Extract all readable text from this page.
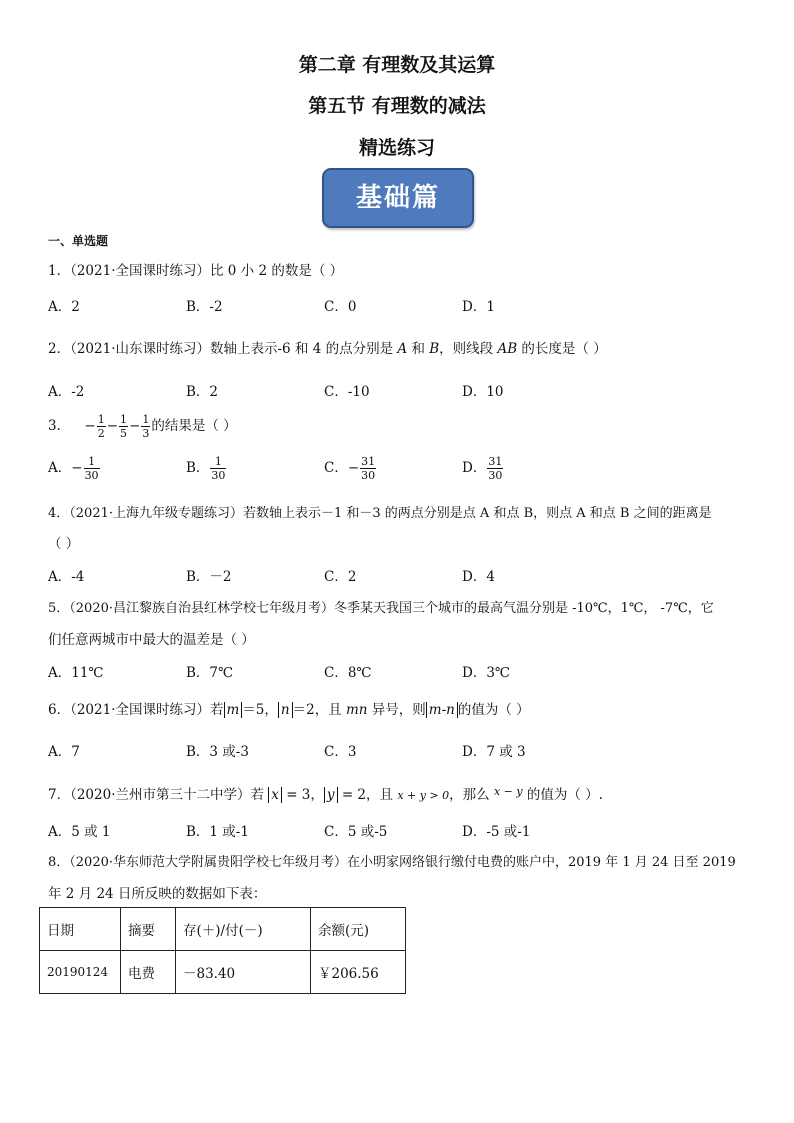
第二章 有理数及其运算
第五节 有理数的减法
精选练习
基础篇
一、单选题
1．（2021·全国课时练习）比 0 小 2 的数是（ ）
A．2	B．-2	C．0	D．1
2．（2021·山东课时练习）数轴上表示-6 和 4 的点分别是 A 和 B，则线段 AB 的长度是（ ）
A．-2	B．2	C．-10	D．10
3． − $\frac{1}{2} - \frac{1}{5} - \frac{1}{3}$ 的结果是（ ）
A．− $\frac{1}{30}$	B． $\frac{1}{30}$	C．− $\frac{31}{30}$	D． $\frac{31}{30}$
4．（2021·上海九年级专题练习）若数轴上表示－1 和－3 的两点分别是点 A 和点 B，则点 A 和点 B 之间的距离是
（ ）
A．-4	B．－2	C．2	D．4
5．（2020·昌江黎族自治县红林学校七年级月考）冬季某天我国三个城市的最高气温分别是 -10℃，1℃， -7℃，它
们任意两城市中最大的温差是（ ）
A．11℃	B．7℃	C．8℃	D．3℃
6．（2021·全国课时练习）若 m ＝5， n ＝2，且 mn 异号，则 m-n 的值为（ ）
A．7	B．3 或-3	C．3	D．7 或 3
7．（2020·兰州市第三十二中学）若 x = 3， y = 2，且 x + y > 0，那么 $^{x - y}$ 的值为（ ）.
A．5 或 1	B．1 或-1	C．5 或-5	D．-5 或-1
8．（2020·华东师范大学附属贵阳学校七年级月考）在小明家网络银行缴付电费的账户中，2019 年 1 月 24 日至 2019
年 2 月 24 日所反映的数据如下表：
日期	摘要	存(＋)/付(－)	余额(元)
20190124	电费	－83.40	￥206.56
